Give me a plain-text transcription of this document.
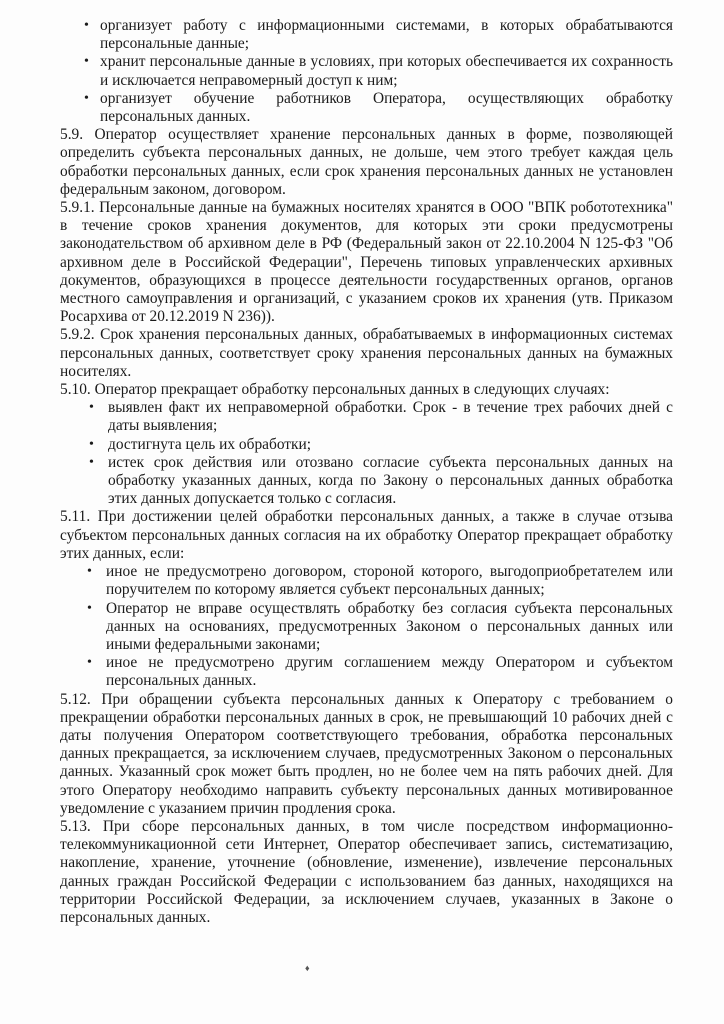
• организует работу с информационными системами, в которых обрабатываются персональные данные;
• хранит персональные данные в условиях, при которых обеспечивается их сохранность и исключается неправомерный доступ к ним;
• организует обучение работников Оператора, осуществляющих обработку персональных данных.

5.9. Оператор осуществляет хранение персональных данных в форме, позволяющей определить субъекта персональных данных, не дольше, чем этого требует каждая цель обработки персональных данных, если срок хранения персональных данных не установлен федеральным законом, договором.

5.9.1. Персональные данные на бумажных носителях хранятся в ООО "ВПК робототехника" в течение сроков хранения документов, для которых эти сроки предусмотрены законодательством об архивном деле в РФ (Федеральный закон от 22.10.2004 N 125-ФЗ "Об архивном деле в Российской Федерации", Перечень типовых управленческих архивных документов, образующихся в процессе деятельности государственных органов, органов местного самоуправления и организаций, с указанием сроков их хранения (утв. Приказом Росархива от 20.12.2019 N 236)).

5.9.2. Срок хранения персональных данных, обрабатываемых в информационных системах персональных данных, соответствует сроку хранения персональных данных на бумажных носителях.

5.10. Оператор прекращает обработку персональных данных в следующих случаях:

• выявлен факт их неправомерной обработки. Срок - в течение трех рабочих дней с даты выявления;
• достигнута цель их обработки;
• истек срок действия или отозвано согласие субъекта персональных данных на обработку указанных данных, когда по Закону о персональных данных обработка этих данных допускается только с согласия.

5.11. При достижении целей обработки персональных данных, а также в случае отзыва субъектом персональных данных согласия на их обработку Оператор прекращает обработку этих данных, если:

• иное не предусмотрено договором, стороной которого, выгодоприобретателем или поручителем по которому является субъект персональных данных;
• Оператор не вправе осуществлять обработку без согласия субъекта персональных данных на основаниях, предусмотренных Законом о персональных данных или иными федеральными законами;
• иное не предусмотрено другим соглашением между Оператором и субъектом персональных данных.

5.12. При обращении субъекта персональных данных к Оператору с требованием о прекращении обработки персональных данных в срок, не превышающий 10 рабочих дней с даты получения Оператором соответствующего требования, обработка персональных данных прекращается, за исключением случаев, предусмотренных Законом о персональных данных. Указанный срок может быть продлен, но не более чем на пять рабочих дней. Для этого Оператору необходимо направить субъекту персональных данных мотивированное уведомление с указанием причин продления срока.

5.13. При сборе персональных данных, в том числе посредством информационно-телекоммуникационной сети Интернет, Оператор обеспечивает запись, систематизацию, накопление, хранение, уточнение (обновление, изменение), извлечение персональных данных граждан Российской Федерации с использованием баз данных, находящихся на территории Российской Федерации, за исключением случаев, указанных в Законе о персональных данных.

♦
